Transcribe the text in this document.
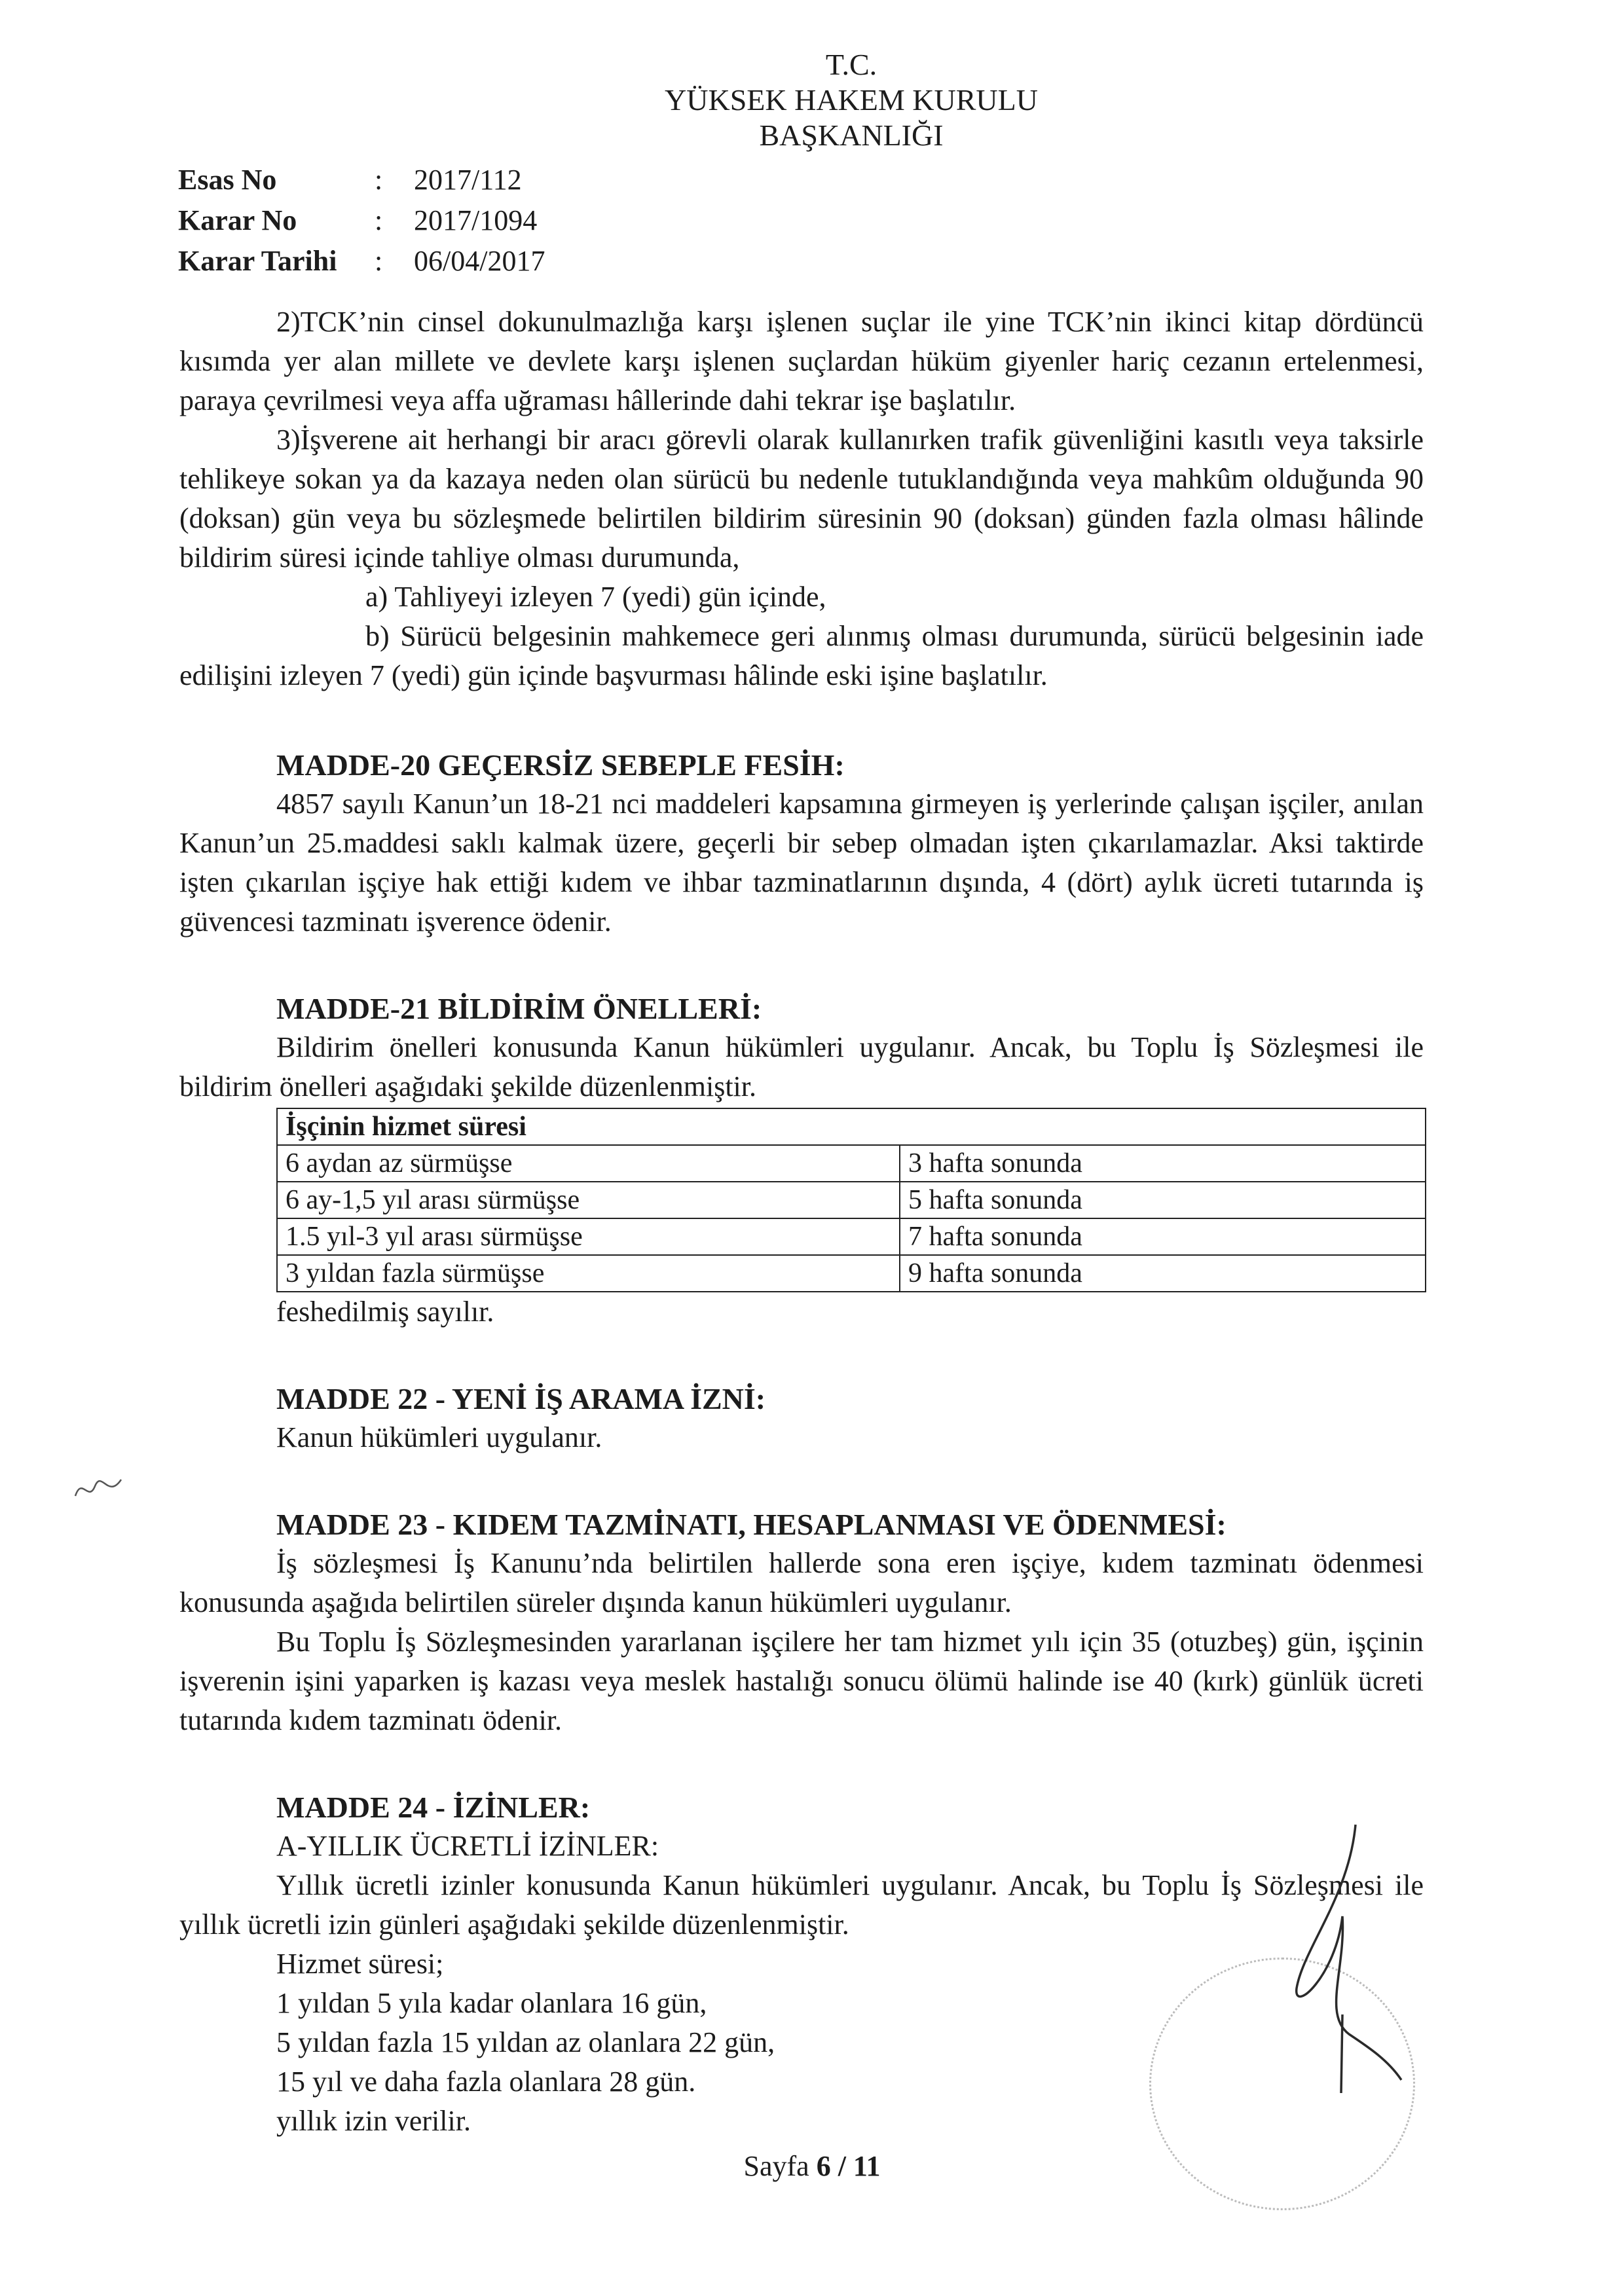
T.C.
YÜKSEK HAKEM KURULU
BAŞKANLIĞI
Esas No	:	2017/112
Karar No	:	2017/1094
Karar Tarihi	:	06/04/2017

2)TCK’nin cinsel dokunulmazlığa karşı işlenen suçlar ile yine TCK’nin ikinci kitap dördüncü kısımda yer alan millete ve devlete karşı işlenen suçlardan hüküm giyenler hariç cezanın ertelenmesi, paraya çevrilmesi veya affa uğraması hâllerinde dahi tekrar işe başlatılır.

3)İşverene ait herhangi bir aracı görevli olarak kullanırken trafik güvenliğini kasıtlı veya taksirle tehlikeye sokan ya da kazaya neden olan sürücü bu nedenle tutuklandığında veya mahkûm olduğunda 90 (doksan) gün veya bu sözleşmede belirtilen bildirim süresinin 90 (doksan) günden fazla olması hâlinde bildirim süresi içinde tahliye olması durumunda,

a) Tahliyeyi izleyen 7 (yedi) gün içinde,

b) Sürücü belgesinin mahkemece geri alınmış olması durumunda, sürücü belgesinin iade edilişini izleyen 7 (yedi) gün içinde başvurması hâlinde eski işine başlatılır.

MADDE-20 GEÇERSİZ SEBEPLE FESİH:

4857 sayılı Kanun’un 18-21 nci maddeleri kapsamına girmeyen iş yerlerinde çalışan işçiler, anılan Kanun’un 25.maddesi saklı kalmak üzere, geçerli bir sebep olmadan işten çıkarılamazlar. Aksi taktirde işten çıkarılan işçiye hak ettiği kıdem ve ihbar tazminatlarının dışında, 4 (dört) aylık ücreti tutarında iş güvencesi tazminatı işverence ödenir.

MADDE-21 BİLDİRİM ÖNELLERİ:

Bildirim önelleri konusunda Kanun hükümleri uygulanır. Ancak, bu Toplu İş Sözleşmesi ile bildirim önelleri aşağıdaki şekilde düzenlenmiştir.

İşçinin hizmet süresi	
6 aydan az sürmüşse	3 hafta sonunda
6 ay-1,5 yıl arası sürmüşse	5 hafta sonunda
1.5 yıl-3 yıl arası sürmüşse	7 hafta sonunda
3 yıldan fazla sürmüşse	9 hafta sonunda

feshedilmiş sayılır.

MADDE 22 - YENİ İŞ ARAMA İZNİ:

Kanun hükümleri uygulanır.

MADDE 23 - KIDEM TAZMİNATI, HESAPLANMASI VE ÖDENMESİ:

İş sözleşmesi İş Kanunu’nda belirtilen hallerde sona eren işçiye, kıdem tazminatı ödenmesi konusunda aşağıda belirtilen süreler dışında kanun hükümleri uygulanır.

Bu Toplu İş Sözleşmesinden yararlanan işçilere her tam hizmet yılı için 35 (otuzbeş) gün, işçinin işverenin işini yaparken iş kazası veya meslek hastalığı sonucu ölümü halinde ise 40 (kırk) günlük ücreti tutarında kıdem tazminatı ödenir.

MADDE 24 - İZİNLER:

A-YILLIK ÜCRETLİ İZİNLER:

Yıllık ücretli izinler konusunda Kanun hükümleri uygulanır. Ancak, bu Toplu İş Sözleşmesi ile yıllık ücretli izin günleri aşağıdaki şekilde düzenlenmiştir.

Hizmet süresi;

1 yıldan 5 yıla kadar olanlara 16 gün,

5 yıldan fazla 15 yıldan az olanlara 22 gün,

15 yıl ve daha fazla olanlara 28 gün.

yıllık izin verilir.

Sayfa 6 / 11
